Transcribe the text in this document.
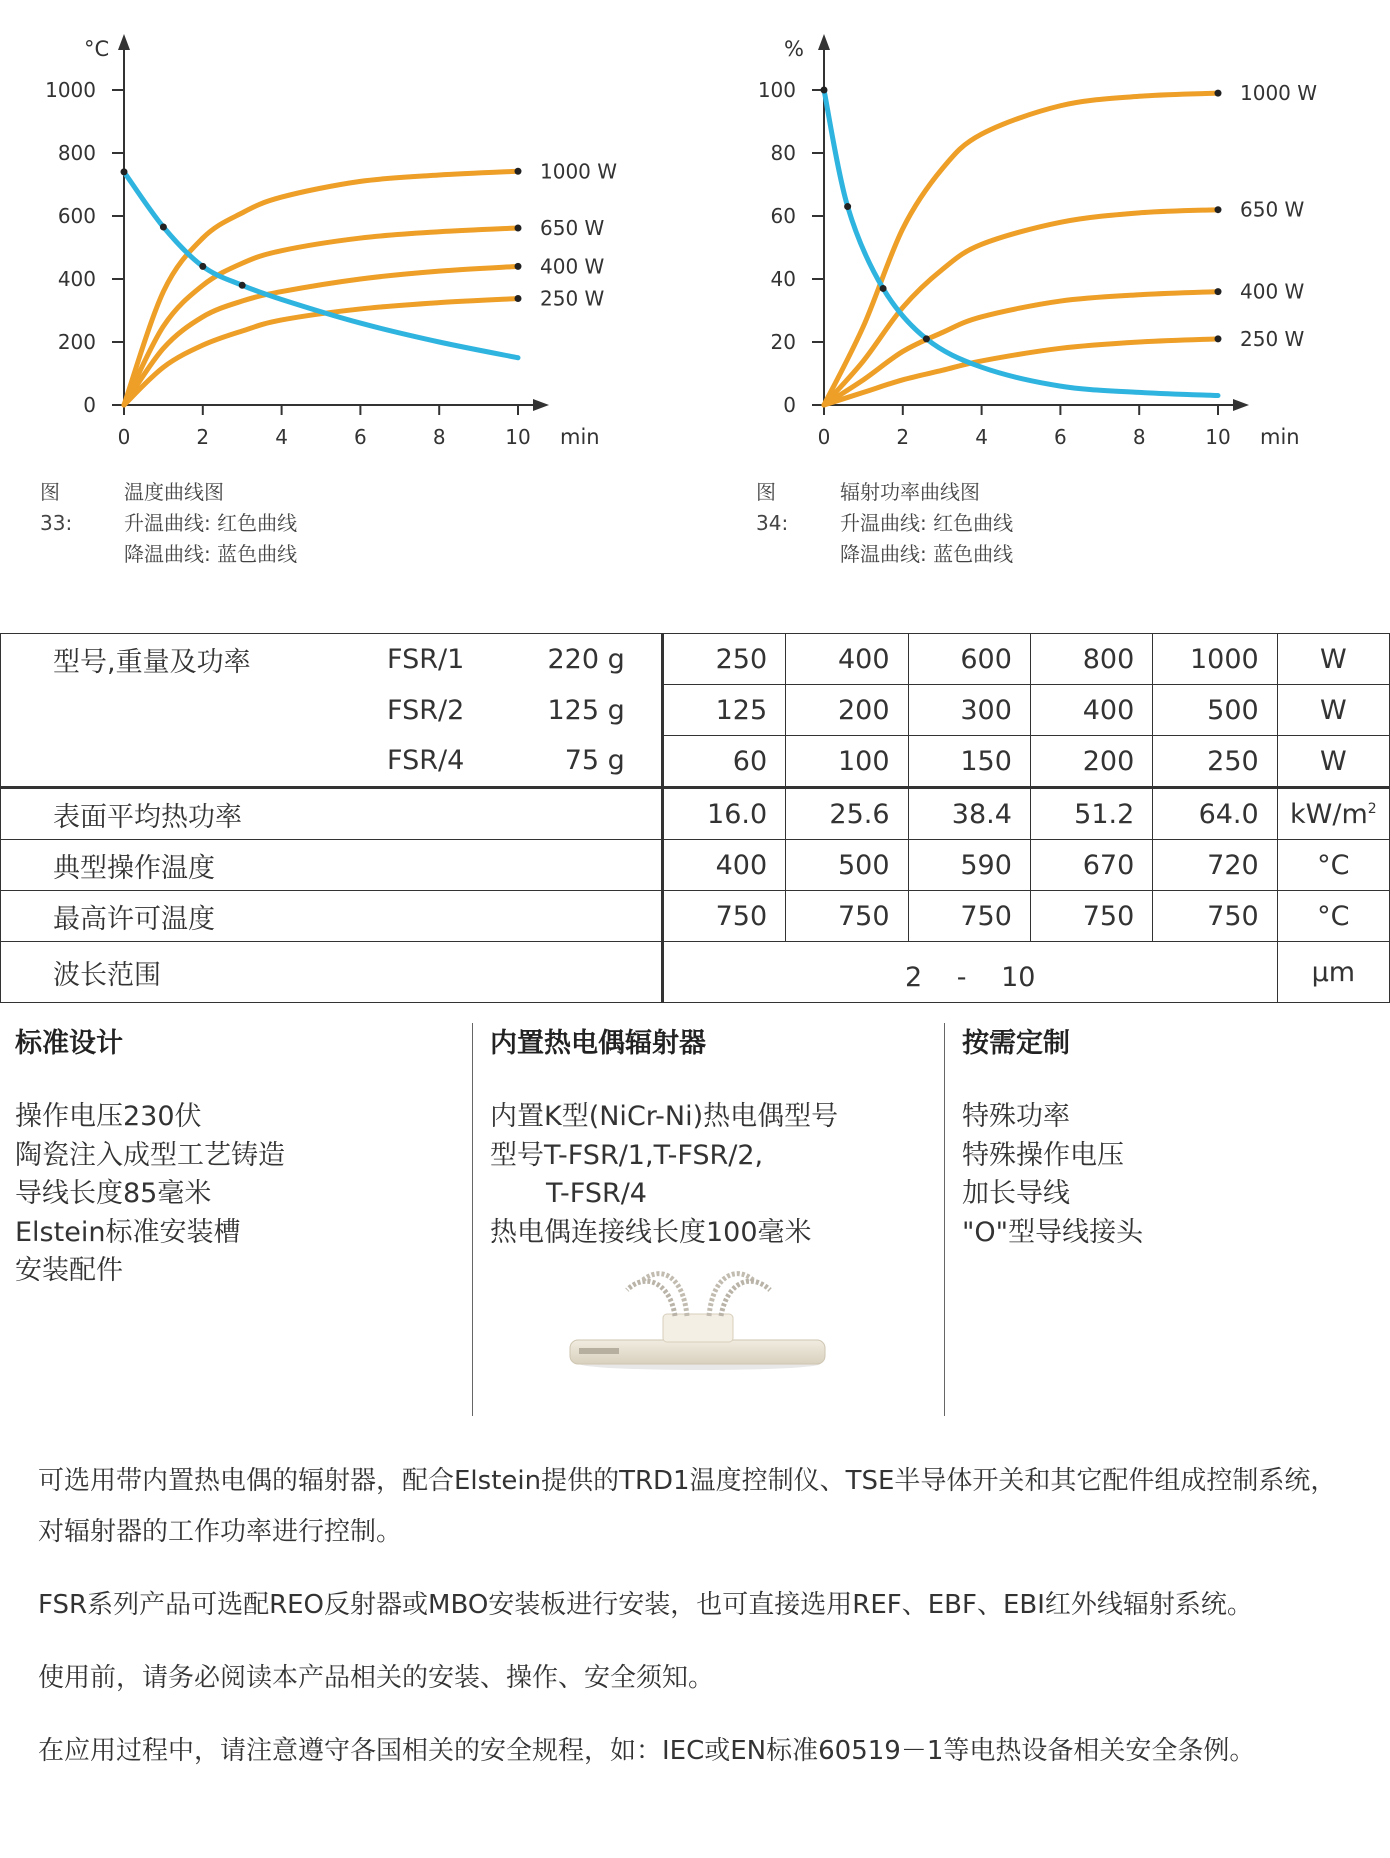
0
200
400
600
800
1000
0	2	4	6	8	10
°C
min
1000 W
650 W
400 W
250 W
0
20
40
60
80
100
0	2	4	6	8	10
%
min
1000 W
650 W
400 W
250 W
图33:
温度曲线图
升温曲线: 红色曲线
降温曲线: 蓝色曲线
图34:
辐射功率曲线图
升温曲线: 红色曲线
降温曲线: 蓝色曲线
型号,重量及功率	FSR/1	220 g	250	400	600	800	1000	W
	FSR/2	125 g	125	200	300	400	500	W
	FSR/4	75 g	60	100	150	200	250	W
表面平均热功率			16.0	25.6	38.4	51.2	64.0	$kW/m^2$
典型操作温度			400	500	590	670	720	°C
最高许可温度			750	750	750	750	750	°C
波长范围			2 - 10					µm
标准设计
操作电压230伏
陶瓷注入成型工艺铸造
导线长度85毫米
Elstein标准安装槽
安装配件
内置热电偶辐射器
内置K型(NiCr-Ni)热电偶型号
型号T-FSR/1,T-FSR/2,
T-FSR/4
热电偶连接线长度100毫米
按需定制
特殊功率
特殊操作电压
加长导线
"O"型导线接头

可选用带内置热电偶的辐射器，配合Elstein提供的TRD1温度控制仪、TSE半导体开关和其它配件组成控制系统，对辐射器的工作功率进行控制。

FSR系列产品可选配REO反射器或MBO安装板进行安装，也可直接选用REF、EBF、EBI红外线辐射系统。

使用前，请务必阅读本产品相关的安装、操作、安全须知。

在应用过程中，请注意遵守各国相关的安全规程，如：IEC或EN标准60519－1等电热设备相关安全条例。
